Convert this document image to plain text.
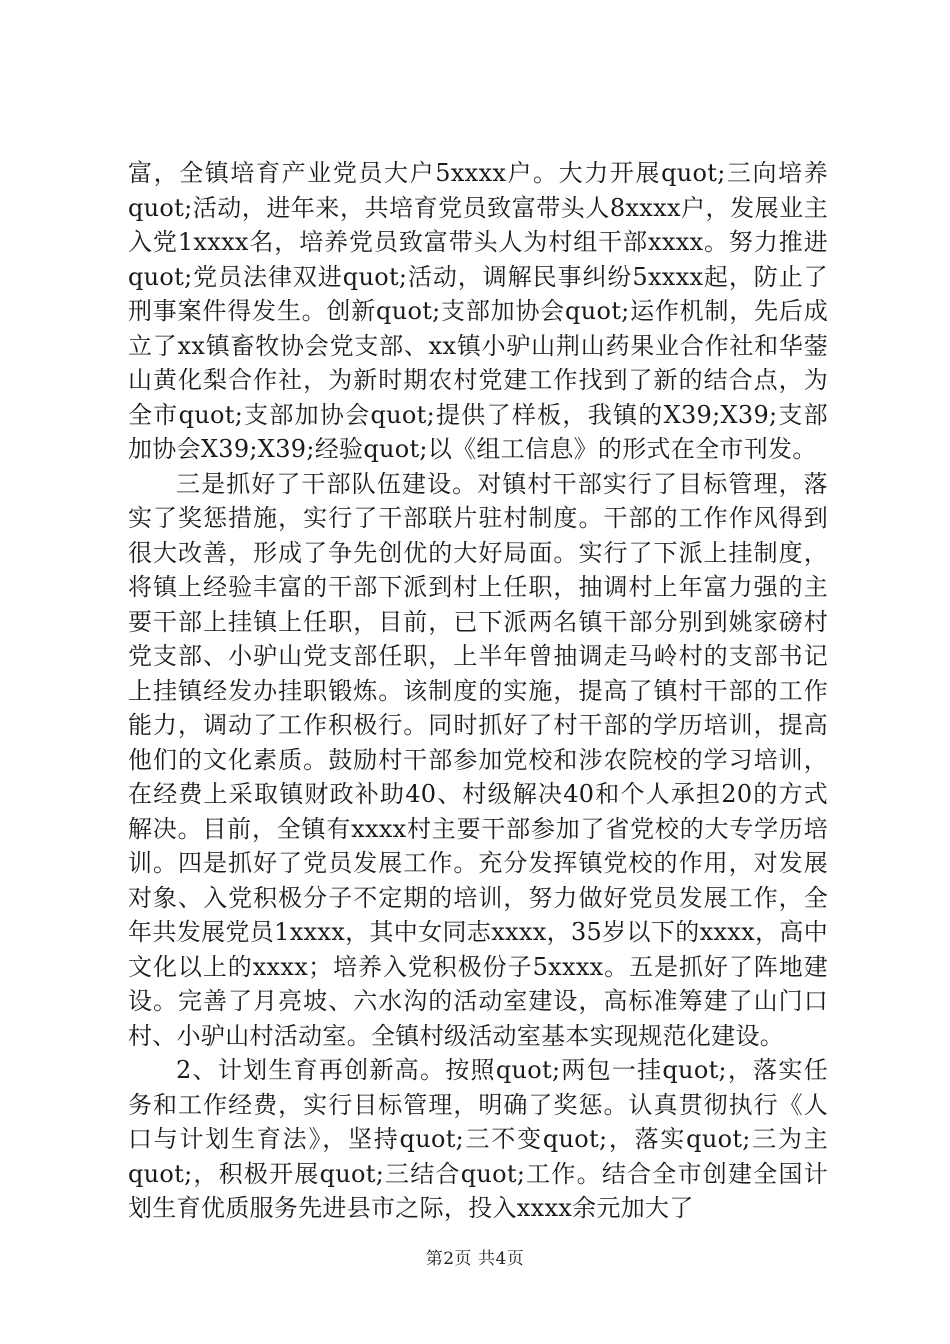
富，全镇培育产业党员大户5xxxx户。大力开展quot;三向培养quot;活动，进年来，共培育党员致富带头人8xxxx户，发展业主入党1xxxx名，培养党员致富带头人为村组干部xxxx。努力推进quot;党员法律双进quot;活动，调解民事纠纷5xxxx起，防止了刑事案件得发生。创新quot;支部加协会quot;运作机制，先后成立了xx镇畜牧协会党支部、xx镇小驴山荆山药果业合作社和华蓥山黄化梨合作社，为新时期农村党建工作找到了新的结合点，为全市quot;支部加协会quot;提供了样板，我镇的X39;X39;支部加协会X39;X39;经验quot;以《组工信息》的形式在全市刊发。

三是抓好了干部队伍建设。对镇村干部实行了目标管理，落实了奖惩措施，实行了干部联片驻村制度。干部的工作作风得到很大改善，形成了争先创优的大好局面。实行了下派上挂制度，将镇上经验丰富的干部下派到村上任职，抽调村上年富力强的主要干部上挂镇上任职，目前，已下派两名镇干部分别到姚家磅村党支部、小驴山党支部任职，上半年曾抽调走马岭村的支部书记上挂镇经发办挂职锻炼。该制度的实施，提高了镇村干部的工作能力，调动了工作积极行。同时抓好了村干部的学历培训，提高他们的文化素质。鼓励村干部参加党校和涉农院校的学习培训，在经费上采取镇财政补助40、村级解决40和个人承担20的方式解决。目前，全镇有xxxx村主要干部参加了省党校的大专学历培训。四是抓好了党员发展工作。充分发挥镇党校的作用，对发展对象、入党积极分子不定期的培训，努力做好党员发展工作，全年共发展党员1xxxx，其中女同志xxxx，35岁以下的xxxx，高中文化以上的xxxx；培养入党积极份子5xxxx。五是抓好了阵地建设。完善了月亮坡、六水沟的活动室建设，高标准筹建了山门口村、小驴山村活动室。全镇村级活动室基本实现规范化建设。

2、计划生育再创新高。按照quot;两包一挂quot;，落实任务和工作经费，实行目标管理，明确了奖惩。认真贯彻执行《人口与计划生育法》，坚持quot;三不变quot;，落实quot;三为主quot;，积极开展quot;三结合quot;工作。结合全市创建全国计划生育优质服务先进县市之际，投入xxxx余元加大了

第2页 共4页
